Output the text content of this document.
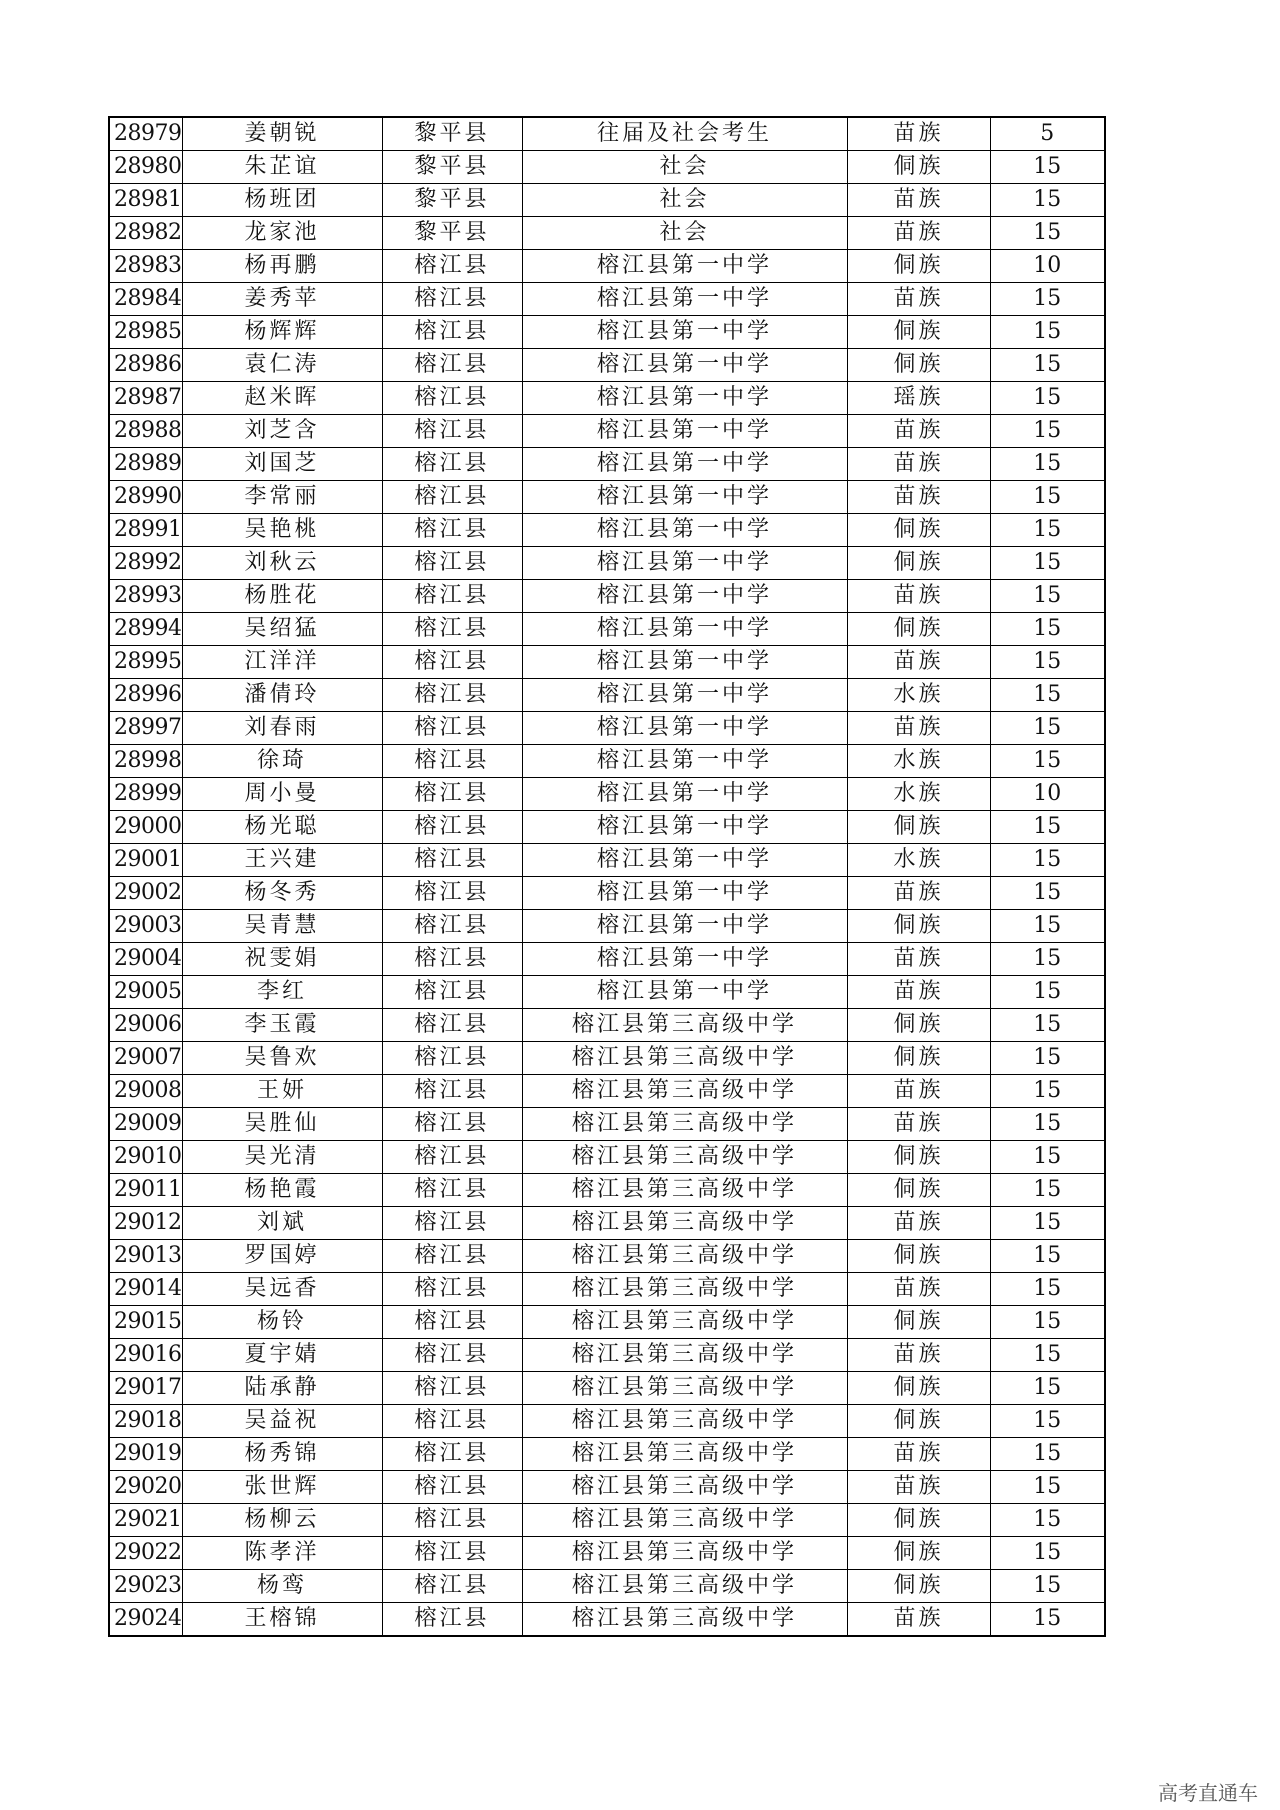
28979	姜朝锐	黎平县	往届及社会考生	苗族	5
28980	朱芷谊	黎平县	社会	侗族	15
28981	杨班团	黎平县	社会	苗族	15
28982	龙家池	黎平县	社会	苗族	15
28983	杨再鹏	榕江县	榕江县第一中学	侗族	10
28984	姜秀苹	榕江县	榕江县第一中学	苗族	15
28985	杨辉辉	榕江县	榕江县第一中学	侗族	15
28986	袁仁涛	榕江县	榕江县第一中学	侗族	15
28987	赵米晖	榕江县	榕江县第一中学	瑶族	15
28988	刘芝含	榕江县	榕江县第一中学	苗族	15
28989	刘国芝	榕江县	榕江县第一中学	苗族	15
28990	李常丽	榕江县	榕江县第一中学	苗族	15
28991	吴艳桃	榕江县	榕江县第一中学	侗族	15
28992	刘秋云	榕江县	榕江县第一中学	侗族	15
28993	杨胜花	榕江县	榕江县第一中学	苗族	15
28994	吴绍猛	榕江县	榕江县第一中学	侗族	15
28995	江洋洋	榕江县	榕江县第一中学	苗族	15
28996	潘倩玲	榕江县	榕江县第一中学	水族	15
28997	刘春雨	榕江县	榕江县第一中学	苗族	15
28998	徐琦	榕江县	榕江县第一中学	水族	15
28999	周小曼	榕江县	榕江县第一中学	水族	10
29000	杨光聪	榕江县	榕江县第一中学	侗族	15
29001	王兴建	榕江县	榕江县第一中学	水族	15
29002	杨冬秀	榕江县	榕江县第一中学	苗族	15
29003	吴青慧	榕江县	榕江县第一中学	侗族	15
29004	祝雯娟	榕江县	榕江县第一中学	苗族	15
29005	李红	榕江县	榕江县第一中学	苗族	15
29006	李玉霞	榕江县	榕江县第三高级中学	侗族	15
29007	吴鲁欢	榕江县	榕江县第三高级中学	侗族	15
29008	王妍	榕江县	榕江县第三高级中学	苗族	15
29009	吴胜仙	榕江县	榕江县第三高级中学	苗族	15
29010	吴光清	榕江县	榕江县第三高级中学	侗族	15
29011	杨艳霞	榕江县	榕江县第三高级中学	侗族	15
29012	刘斌	榕江县	榕江县第三高级中学	苗族	15
29013	罗国婷	榕江县	榕江县第三高级中学	侗族	15
29014	吴远香	榕江县	榕江县第三高级中学	苗族	15
29015	杨铃	榕江县	榕江县第三高级中学	侗族	15
29016	夏宇婧	榕江县	榕江县第三高级中学	苗族	15
29017	陆承静	榕江县	榕江县第三高级中学	侗族	15
29018	吴益祝	榕江县	榕江县第三高级中学	侗族	15
29019	杨秀锦	榕江县	榕江县第三高级中学	苗族	15
29020	张世辉	榕江县	榕江县第三高级中学	苗族	15
29021	杨柳云	榕江县	榕江县第三高级中学	侗族	15
29022	陈孝洋	榕江县	榕江县第三高级中学	侗族	15
29023	杨鸾	榕江县	榕江县第三高级中学	侗族	15
29024	王榕锦	榕江县	榕江县第三高级中学	苗族	15
高考直通车
